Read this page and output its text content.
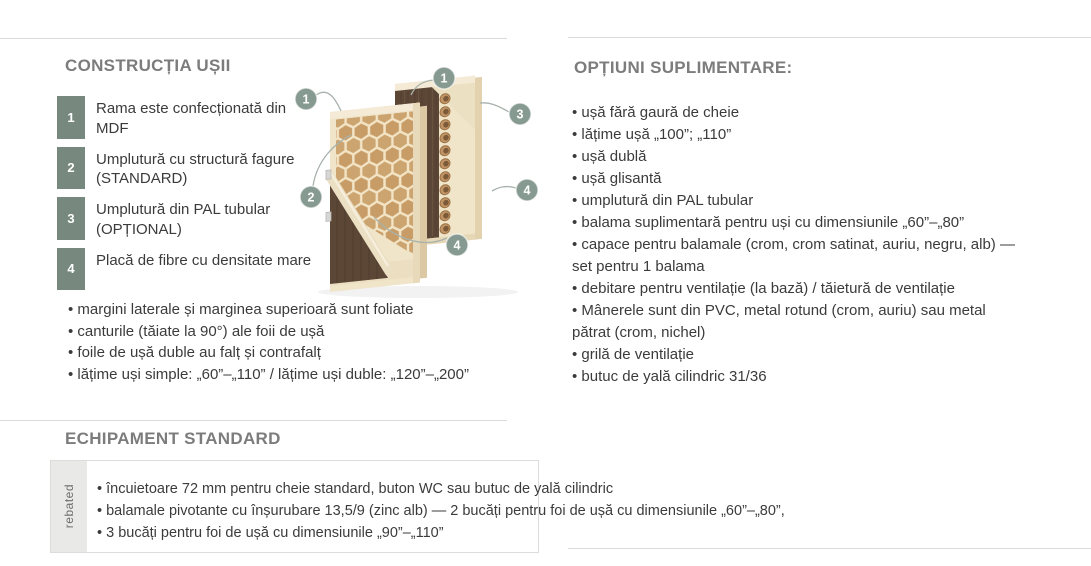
CONSTRUCȚIA UȘII
1
Rama este confecționată din MDF
2
Umplutură cu structură fagure (STANDARD)
3
Umplutură din PAL tubular (OPȚIONAL)
4	Placă de fibre cu densitate mare
• margini laterale și marginea superioară sunt foliate
• canturile (tăiate la 90°) ale foii de ușă
• foile de ușă duble au falț și contrafalț
• lățime uși simple: „60”–„110” / lățime uși duble: „120”–„200”
1
1
2
3
4
4
OPȚIUNI SUPLIMENTARE:
• ușă fără gaură de cheie
• lățime ușă „100”; „110”
• ușă dublă
• ușă glisantă
• umplutură din PAL tubular
• balama suplimentară pentru uși cu dimensiunile „60”–„80”
• capace pentru balamale (crom, crom satinat, auriu, negru, alb) — set pentru 1 balama
• debitare pentru ventilație (la bază) / tăietură de ventilație
• Mânerele sunt din PVC, metal rotund (crom, auriu) sau metal pătrat (crom, nichel)
• grilă de ventilație
• butuc de yală cilindric 31/36
ECHIPAMENT STANDARD
rebated	• încuietoare 72 mm pentru cheie standard, buton WC sau butuc de yală cilindric
• balamale pivotante cu înșurubare 13,5/9 (zinc alb) — 2 bucăți pentru foi de ușă cu dimensiunile „60”–„80”,
• 3 bucăți pentru foi de ușă cu dimensiunile „90”–„110”
